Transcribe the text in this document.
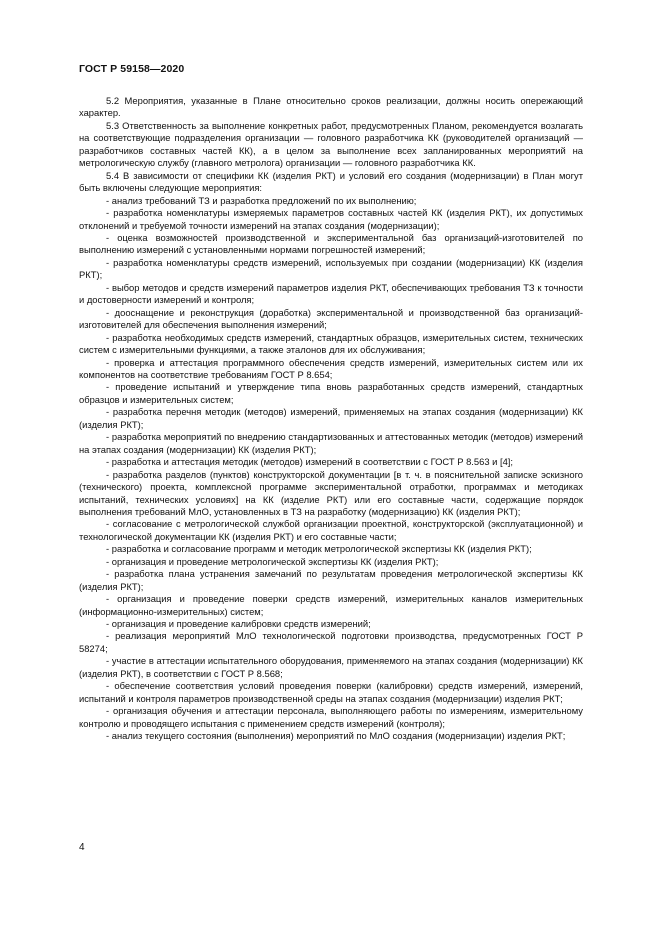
ГОСТ Р 59158—2020

5.2 Мероприятия, указанные в Плане относительно сроков реализации, должны носить опережающий характер.

5.3 Ответственность за выполнение конкретных работ, предусмотренных Планом, рекомендуется возлагать на соответствующие подразделения организации — головного разработчика КК (руководителей организаций — разработчиков составных частей КК), а в целом за выполнение всех запланированных мероприятий на метрологическую службу (главного метролога) организации — головного разработчика КК.

5.4 В зависимости от специфики КК (изделия РКТ) и условий его создания (модернизации) в План могут быть включены следующие мероприятия:

- анализ требований ТЗ и разработка предложений по их выполнению;

- разработка номенклатуры измеряемых параметров составных частей КК (изделия РКТ), их допустимых отклонений и требуемой точности измерений на этапах создания (модернизации);

- оценка возможностей производственной и экспериментальной баз организаций-изготовителей по выполнению измерений с установленными нормами погрешностей измерений;

- разработка номенклатуры средств измерений, используемых при создании (модернизации) КК (изделия РКТ);

- выбор методов и средств измерений параметров изделия РКТ, обеспечивающих требования ТЗ к точности и достоверности измерений и контроля;

- дооснащение и реконструкция (доработка) экспериментальной и производственной баз организаций-изготовителей для обеспечения выполнения измерений;

- разработка необходимых средств измерений, стандартных образцов, измерительных систем, технических систем с измерительными функциями, а также эталонов для их обслуживания;

- проверка и аттестация программного обеспечения средств измерений, измерительных систем или их компонентов на соответствие требованиям ГОСТ Р 8.654;

- проведение испытаний и утверждение типа вновь разработанных средств измерений, стандартных образцов и измерительных систем;

- разработка перечня методик (методов) измерений, применяемых на этапах создания (модернизации) КК (изделия РКТ);

- разработка мероприятий по внедрению стандартизованных и аттестованных методик (методов) измерений на этапах создания (модернизации) КК (изделия РКТ);

- разработка и аттестация методик (методов) измерений в соответствии с ГОСТ Р 8.563 и [4];

- разработка разделов (пунктов) конструкторской документации [в т. ч. в пояснительной записке эскизного (технического) проекта, комплексной программе экспериментальной отработки, программах и методиках испытаний, технических условиях] на КК (изделие РКТ) или его составные части, содержащие порядок выполнения требований МлО, установленных в ТЗ на разработку (модернизацию) КК (изделия РКТ);

- согласование с метрологической службой организации проектной, конструкторской (эксплуатационной) и технологической документации КК (изделия РКТ) и его составные части;

- разработка и согласование программ и методик метрологической экспертизы КК (изделия РКТ);

- организация и проведение метрологической экспертизы КК (изделия РКТ);

- разработка плана устранения замечаний по результатам проведения метрологической экспертизы КК (изделия РКТ);

- организация и проведение поверки средств измерений, измерительных каналов измерительных (информационно-измерительных) систем;

- организация и проведение калибровки средств измерений;

- реализация мероприятий МлО технологической подготовки производства, предусмотренных ГОСТ Р 58274;

- участие в аттестации испытательного оборудования, применяемого на этапах создания (модернизации) КК (изделия РКТ), в соответствии с ГОСТ Р 8.568;

- обеспечение соответствия условий проведения поверки (калибровки) средств измерений, измерений, испытаний и контроля параметров производственной среды на этапах создания (модернизации) изделия РКТ;

- организация обучения и аттестации персонала, выполняющего работы по измерениям, измерительному контролю и проводящего испытания с применением средств измерений (контроля);

- анализ текущего состояния (выполнения) мероприятий по МлО создания (модернизации) изделия РКТ;

4
